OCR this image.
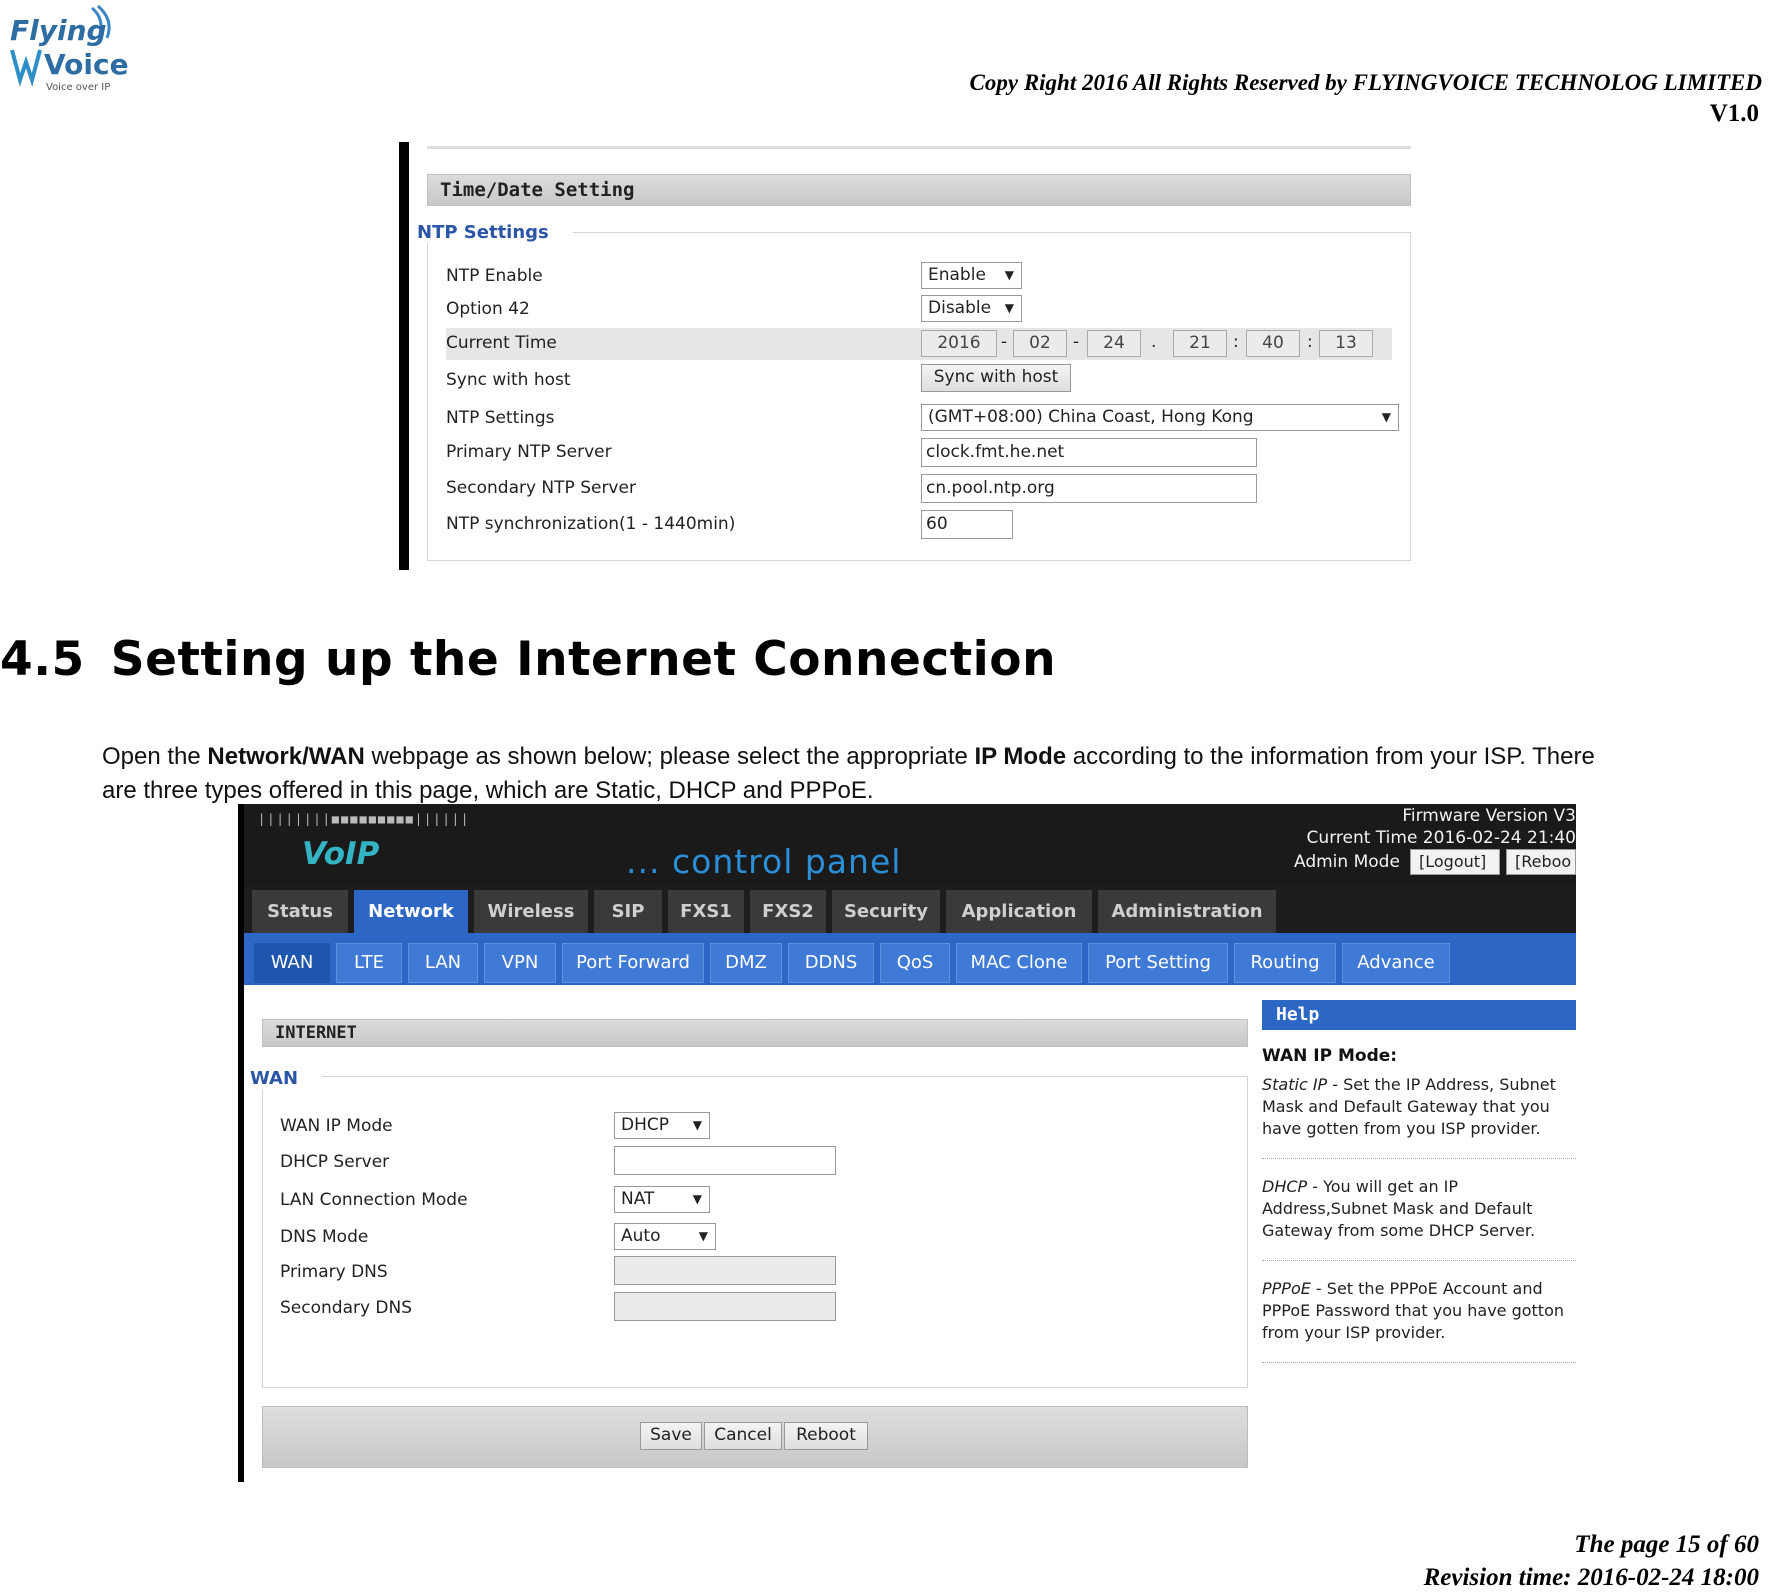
Flying
Voice
Voice over IP	Copy Right 2016 All Rights Reserved by FLYINGVOICE TECHNOLOG LIMITED
V1.0
Time/Date Setting
NTP Settings
NTP Enable	Enable ▼
Option 42	Disable ▼
Current Time	2016	-	02	-	24	.	21	:	40	:	13
Sync with host	Sync with host
NTP Settings	(GMT+08:00) China Coast, Hong Kong ▼
Primary NTP Server	clock.fmt.he.net
Secondary NTP Server	cn.pool.ntp.org
NTP synchronization(1 - 1440min)	60
4.5 Setting up the Internet Connection
Open the Network/WAN webpage as shown below; please select the appropriate IP Mode according to the information from your ISP. There
are three types offered in this page, which are Static, DHCP and PPPoE.
||||||||■■■■■■■■■||||||
VoIP	... control panel
Firmware Version V3
Current Time 2016-02-24 21:40
Admin Mode	[Logout]	[Reboo
Status	Network	Wireless	SIP	FXS1	FXS2	Security	Application	Administration
WAN	LTE	LAN	VPN	Port Forward	DMZ	DDNS	QoS	MAC Clone	Port Setting	Routing	Advance
INTERNET
WAN
WAN IP Mode	DHCP ▼
DHCP Server
LAN Connection Mode	NAT ▼
DNS Mode	Auto ▼
Primary DNS
Secondary DNS
Save	Cancel	Reboot
Help
WAN IP Mode:
Static IP - Set the IP Address, Subnet Mask and Default Gateway that you have gotten from you ISP provider.
DHCP - You will get an IP Address,Subnet Mask and Default Gateway from some DHCP Server.
PPPoE - Set the PPPoE Account and PPPoE Password that you have gotton from your ISP provider.
The page 15 of 60
Revision time: 2016-02-24 18:00
